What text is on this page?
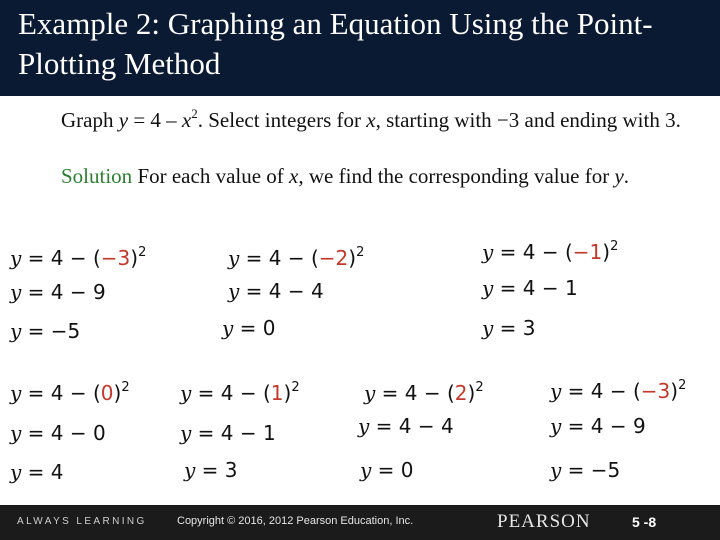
Example 2: Graphing an Equation Using the Point-Plotting Method
Graph $y = 4 - x^2$. Select integers for x, starting with −3 and ending with 3.
Solution For each value of x, we find the corresponding value for y.
$y = 4 - (-3)^2$
y = 4 − 9
y = −5
$y = 4 - (-2)^2$
y = 4 − 4
y = 0
$y = 4 - (-1)^2$
y = 4 − 1
y = 3
$y = 4 - (0)^2$
y = 4 − 0
y = 4
$y = 4 - (1)^2$
y = 4 − 1
y = 3
$y = 4 - (2)^2$
y = 4 − 4
y = 0
$y = 4 - (-3)^2$
y = 4 − 9
y = −5
ALWAYS LEARNING	Copyright © 2016, 2012 Pearson Education, Inc.	PEARSON	5 -8
